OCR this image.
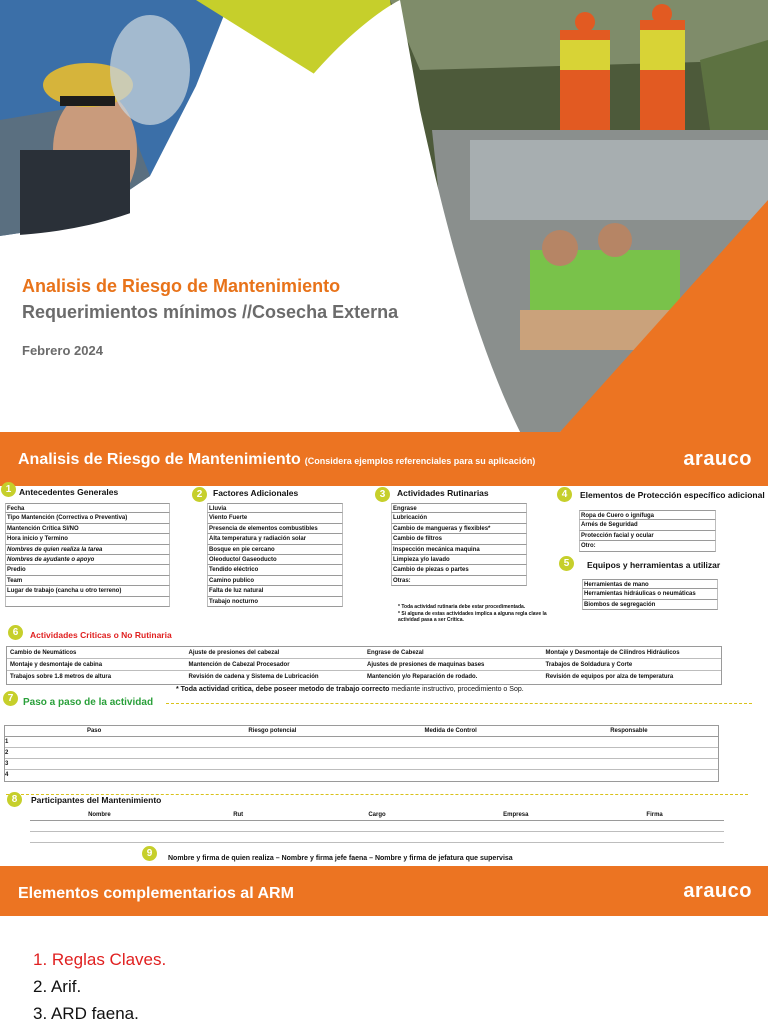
Analisis de Riesgo de Mantenimiento
Requerimientos mínimos //Cosecha Externa
Febrero 2024
Analisis de Riesgo de Mantenimiento (Considera ejemplos referenciales para su aplicación)	arauco
1 Antecedentes Generales
Fecha
Tipo Mantención (Correctiva o Preventiva)
Mantención Crítica SI/NO
Hora inicio y Termino
Nombres de quien realiza la tarea
Nombres de ayudante o apoyo
Predio
Team
Lugar de trabajo (cancha u otro terreno)
2	Factores Adicionales
Lluvia
Viento Fuerte
Presencia de elementos combustibles
Alta temperatura y radiación solar
Bosque en pie cercano
Oleoducto/ Gaseoducto
Tendido eléctrico
Camino publico
Falta de luz natural
Trabajo nocturno
3	Actividades Rutinarias
Engrase
Lubricación
Cambio de mangueras y flexibles*
Cambio de filtros
Inspección mecánica maquina
Limpieza y/o lavado
Cambio de piezas o partes
Otras:
* Toda actividad rutinaria debe estar procedimentada.
* Si alguna de estas actividades implica a alguna regla clave la actividad pasa a ser Critica.
4	Elementos de Protección específico adicional
Ropa de Cuero o ignífuga
Arnés de Seguridad
Protección facial y ocular
Otro:
5	Equipos y herramientas a utilizar
Herramientas de mano
Herramientas hidráulicas o neumáticas
Biombos de segregación
6	Actividades Criticas o No Rutinaria
Cambio de Neumáticos	Ajuste de presiones del cabezal	Engrase de Cabezal	Montaje y Desmontaje de Cilindros Hidráulicos
Montaje y desmontaje de cabina	Mantención de Cabezal Procesador	Ajustes de presiones de maquinas bases	Trabajos de Soldadura y Corte
Trabajos sobre 1.8 metros de altura	Revisión de cadena y Sistema de Lubricación	Mantención y/o Reparación de rodado.	Revisión de equipos por alza de temperatura
* Toda actividad critica, debe poseer metodo de trabajo correcto mediante instructivo, procedimiento o Sop.
7 Paso a paso de la actividad
Paso	Riesgo potencial	Medida de Control	Responsable
1
2
3
4
8	Participantes del Mantenimiento
Nombre	Rut	Cargo	Empresa	Firma
9	Nombre y firma de quien realiza – Nombre y firma jefe faena – Nombre y firma de jefatura que supervisa
Elementos complementarios al ARM	arauco
1. Reglas Claves.
2. Arif.
3. ARD faena.
